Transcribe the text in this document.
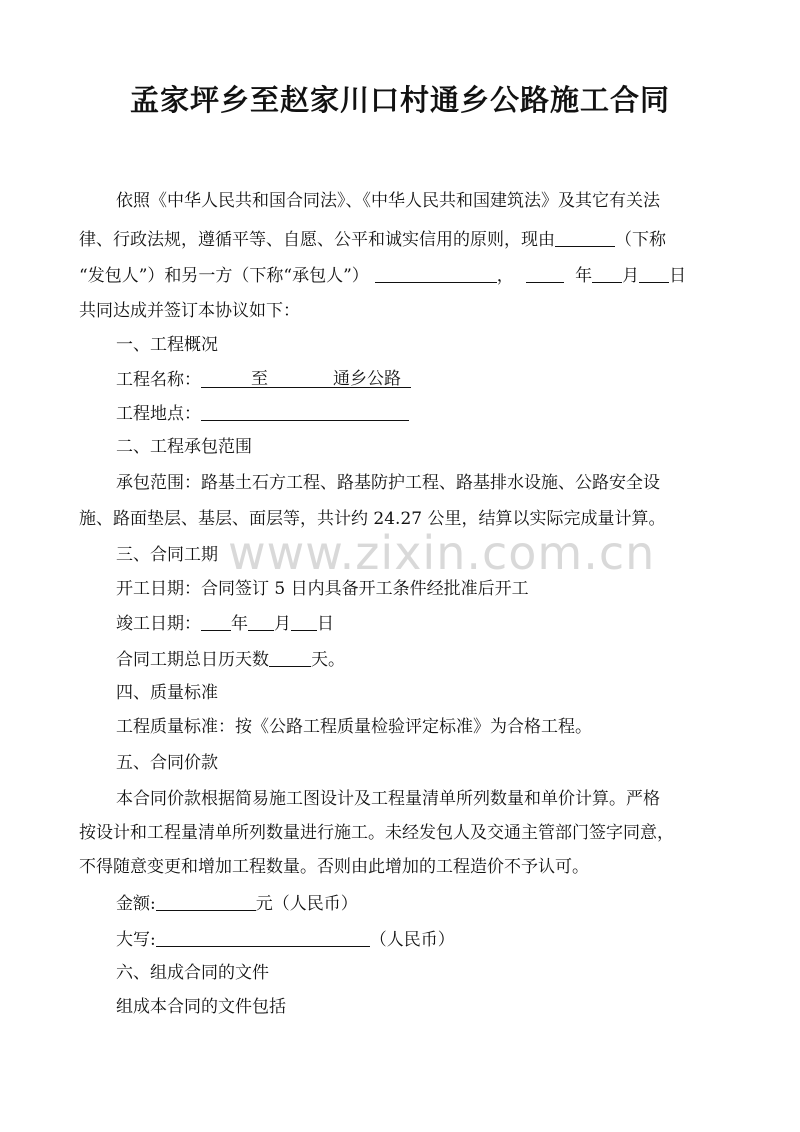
孟家坪乡至赵家川口村通乡公路施工合同
www.zixin.com.cn
依照《中华人民共和国合同法》、《中华人民共和国建筑法》及其它有关法
律、行政法规，遵循平等、自愿、公平和诚实信用的原则，现由	（下称
“发包人”）和另一方（下称“承包人”）	，	年 月 日
共同达成并签订本协议如下：
一、工程概况
工程名称：	至	通乡公路
工程地点：
二、工程承包范围
承包范围：路基土石方工程、路基防护工程、路基排水设施、公路安全设
施、路面垫层、基层、面层等，共计约 24.27 公里，结算以实际完成量计算。
三、合同工期
开工日期：合同签订 5 日内具备开工条件经批准后开工
竣工日期： 年 月 日
合同工期总日历天数 天。
四、质量标准
工程质量标准：按《公路工程质量检验评定标准》为合格工程。
五、合同价款
本合同价款根据简易施工图设计及工程量清单所列数量和单价计算。严格
按设计和工程量清单所列数量进行施工。未经发包人及交通主管部门签字同意，
不得随意变更和增加工程数量。否则由此增加的工程造价不予认可。
金额:	元（人民币）
大写:	（人民币）
六、组成合同的文件
组成本合同的文件包括
